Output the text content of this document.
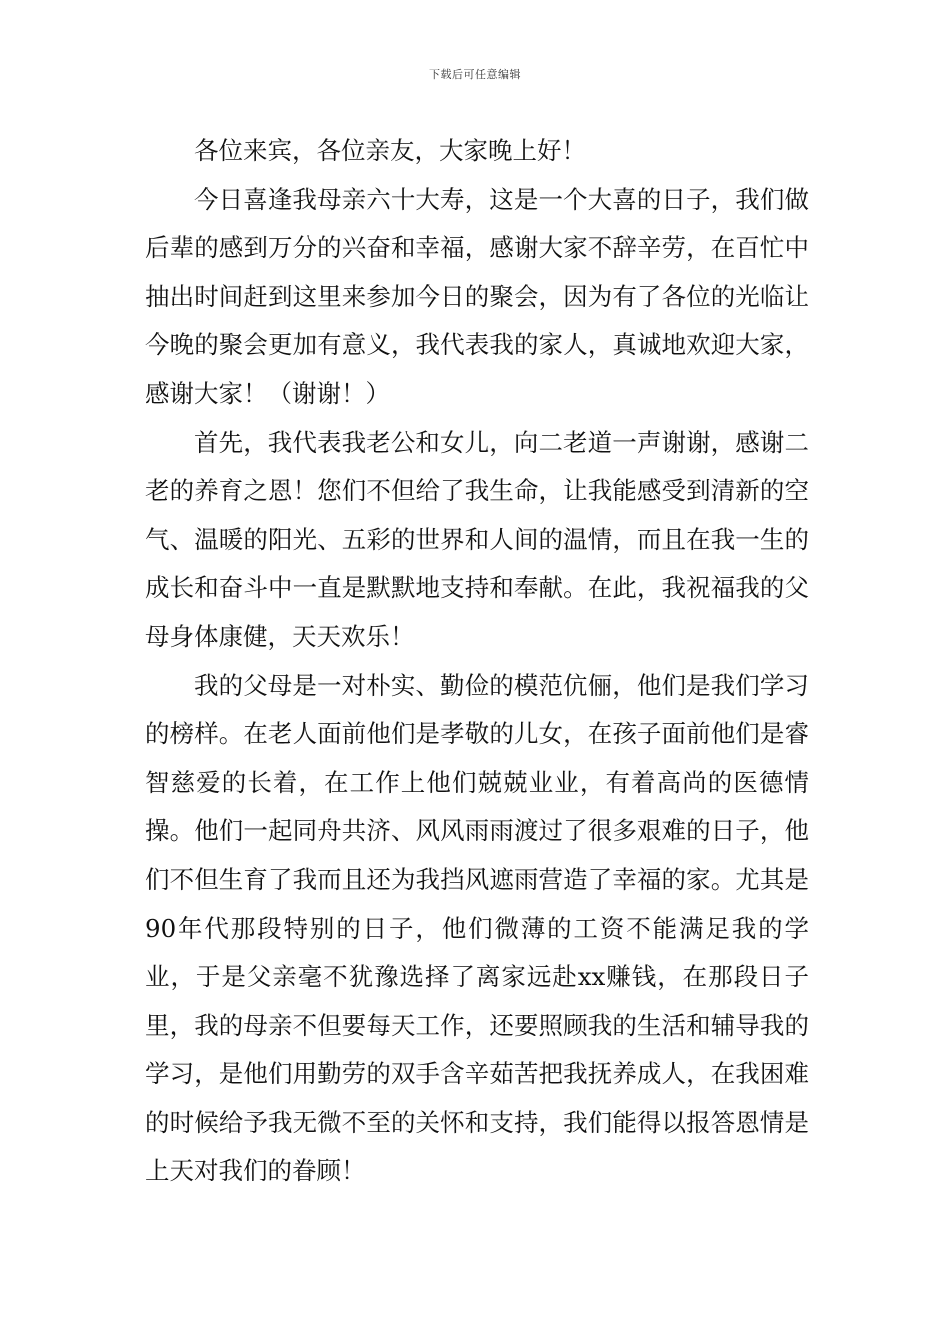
下载后可任意编辑

各位来宾，各位亲友，大家晚上好！

今日喜逢我母亲六十大寿，这是一个大喜的日子，我们做后辈的感到万分的兴奋和幸福，感谢大家不辞辛劳，在百忙中抽出时间赶到这里来参加今日的聚会，因为有了各位的光临让今晚的聚会更加有意义，我代表我的家人，真诚地欢迎大家，感谢大家！（谢谢！）

首先，我代表我老公和女儿，向二老道一声谢谢，感谢二老的养育之恩！您们不但给了我生命，让我能感受到清新的空气、温暖的阳光、五彩的世界和人间的温情，而且在我一生的成长和奋斗中一直是默默地支持和奉献。在此，我祝福我的父母身体康健，天天欢乐！

我的父母是一对朴实、勤俭的模范伉俪，他们是我们学习的榜样。在老人面前他们是孝敬的儿女，在孩子面前他们是睿智慈爱的长着，在工作上他们兢兢业业，有着高尚的医德情操。他们一起同舟共济、风风雨雨渡过了很多艰难的日子，他们不但生育了我而且还为我挡风遮雨营造了幸福的家。尤其是90年代那段特别的日子，他们微薄的工资不能满足我的学业，于是父亲毫不犹豫选择了离家远赴xx赚钱，在那段日子里，我的母亲不但要每天工作，还要照顾我的生活和辅导我的学习，是他们用勤劳的双手含辛茹苦把我抚养成人，在我困难的时候给予我无微不至的关怀和支持，我们能得以报答恩情是上天对我们的眷顾！
